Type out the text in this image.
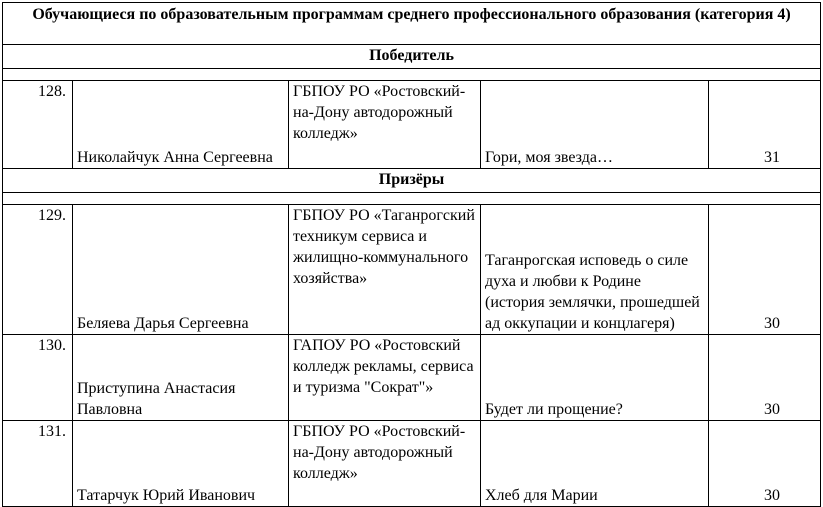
Обучающиеся по образовательным программам среднего профессионального образования (категория 4)				
Победитель				

128.	Николайчук Анна Сергеевна	ГБПОУ РО «Ростовский-на-Дону автодорожный колледж»	Гори, моя звезда…	31
Призёры				

129.	Беляева Дарья Сергеевна	ГБПОУ РО «Таганрогский техникум сервиса и жилищно-коммунального хозяйства»	Таганрогская исповедь о силе духа и любви к Родине (история землячки, прошедшей ад оккупации и концлагеря)	30
130.	Приступина Анастасия Павловна	ГАПОУ РО «Ростовский колледж рекламы, сервиса и туризма "Сократ"»	Будет ли прощение?	30
131.	Татарчук Юрий Иванович	ГБПОУ РО «Ростовский-на-Дону автодорожный колледж»	Хлеб для Марии	30
